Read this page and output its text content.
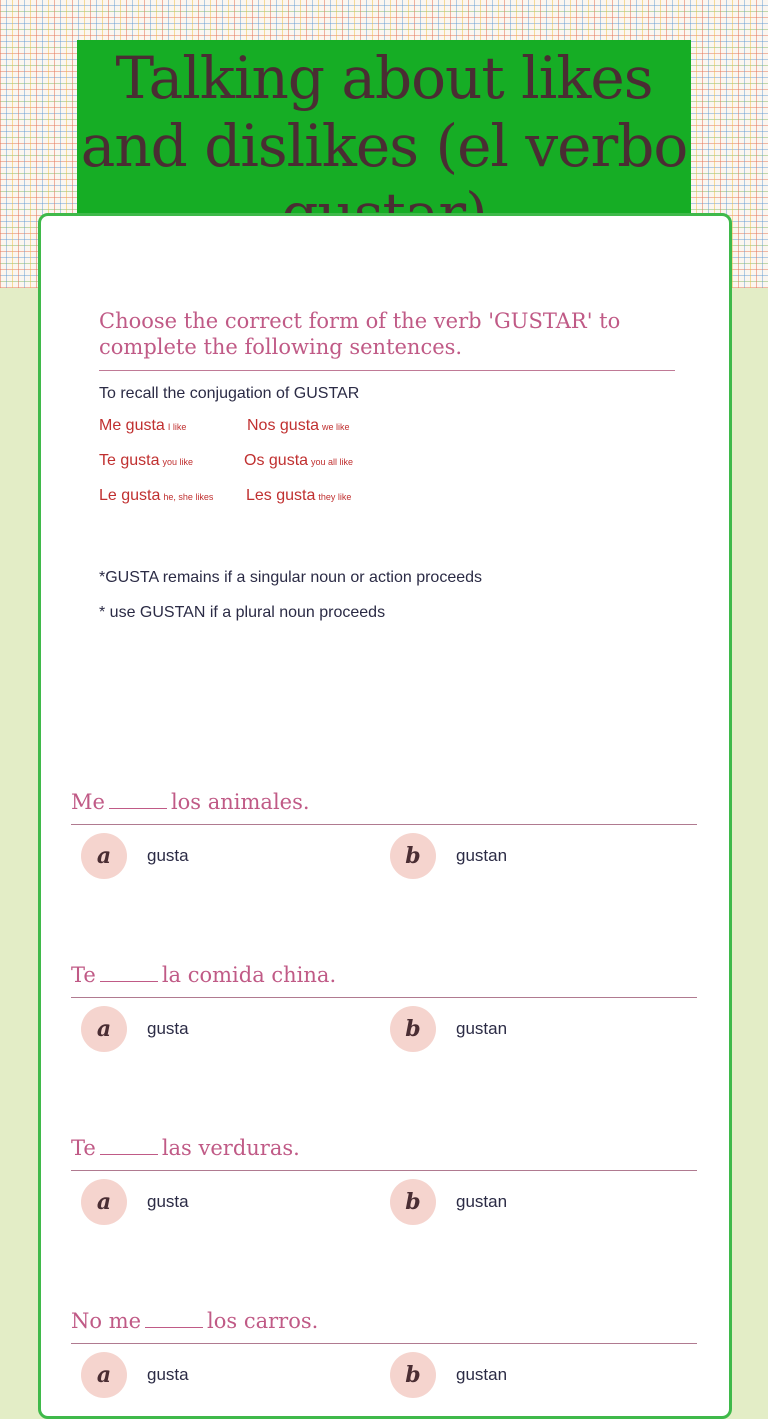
Talking about likes and dislikes (el verbo
Choose the correct form of the verb 'GUSTAR' to complete the following sentences.
To recall the conjugation of GUSTAR
Me gusta I like	Nos gusta we like
Te gusta you like	Os gusta you all like
Le gusta he, she likes	Les gusta they like
*GUSTA remains if a singular noun or action proceeds
* use GUSTAN if a plural noun proceeds
Me	los animales.
a	gusta	b	gustan
Te	la comida china.
a	gusta	b	gustan
Te	las verduras.
a	gusta	b	gustan
No me	los carros.
a	gusta	b	gustan
